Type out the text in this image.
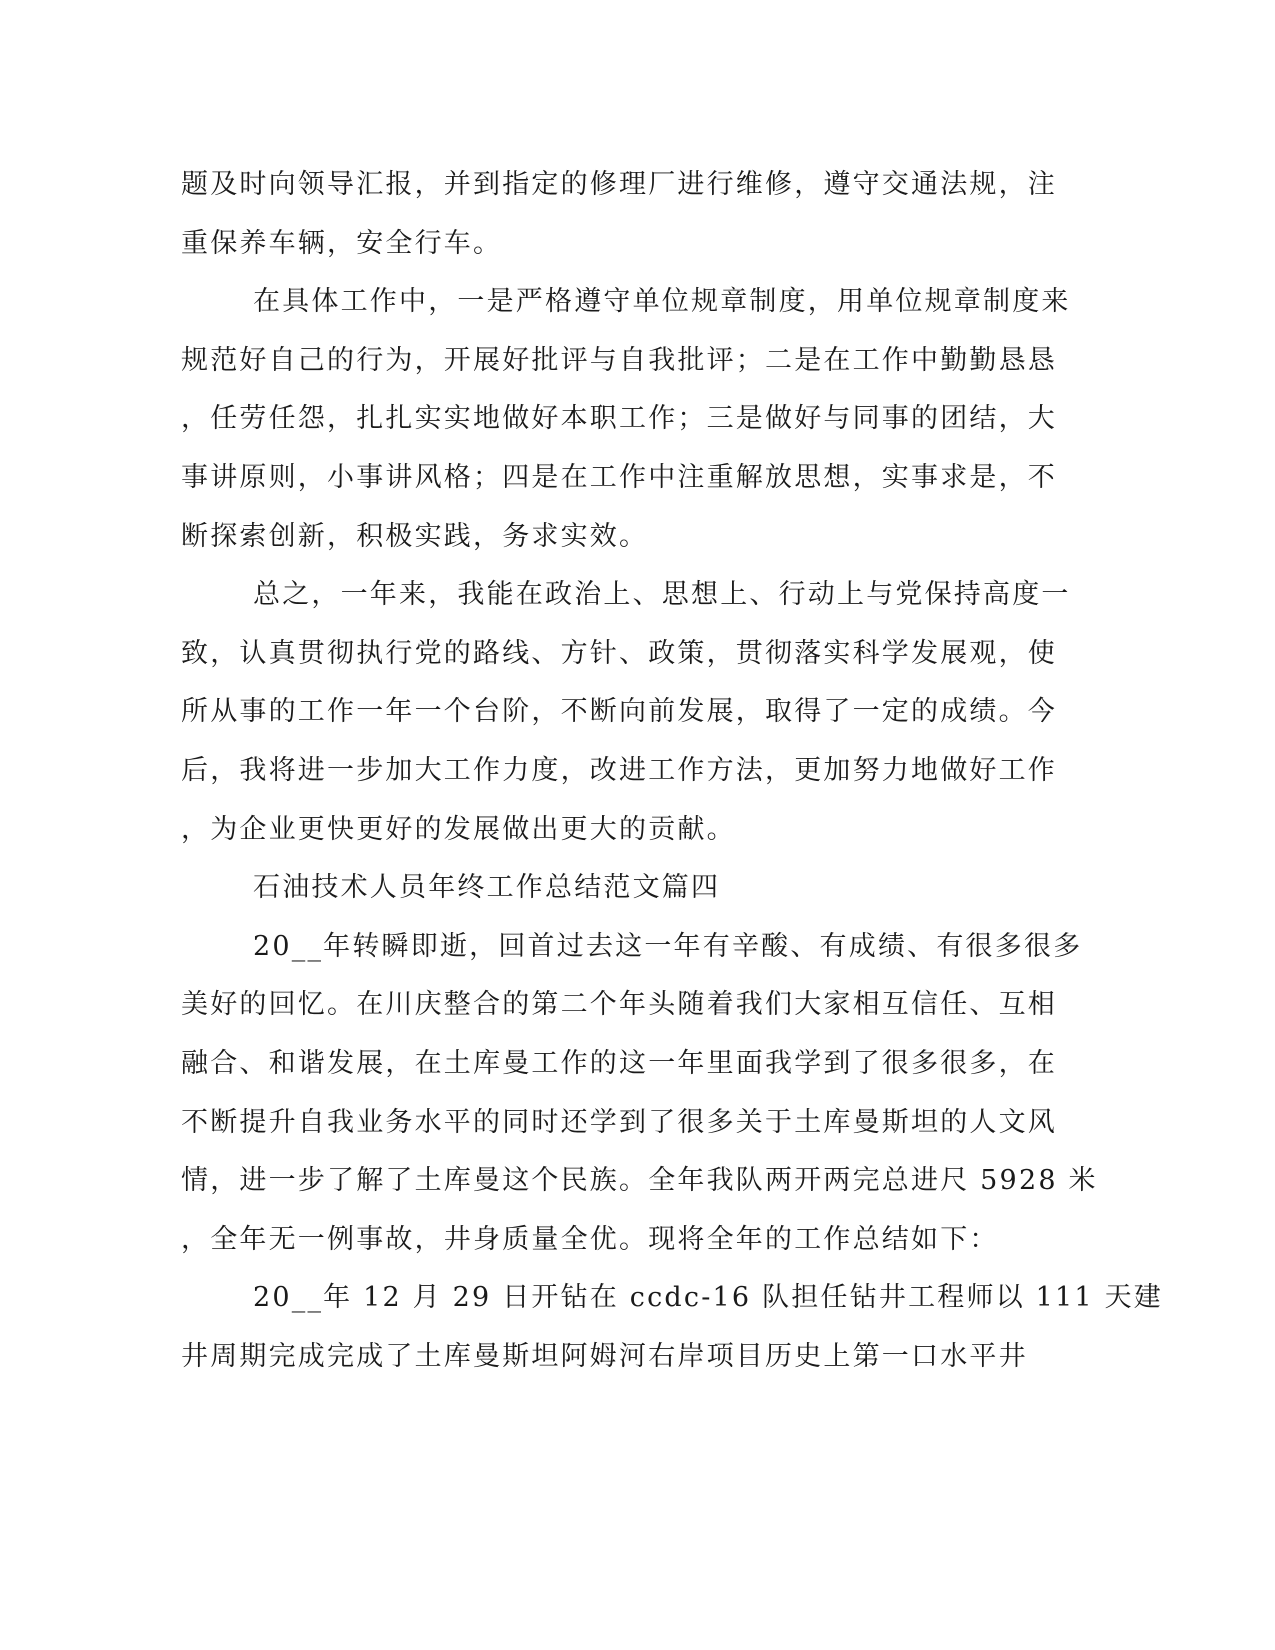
题及时向领导汇报，并到指定的修理厂进行维修，遵守交通法规，注
重保养车辆，安全行车。
在具体工作中，一是严格遵守单位规章制度，用单位规章制度来
规范好自己的行为，开展好批评与自我批评；二是在工作中勤勤恳恳
，任劳任怨，扎扎实实地做好本职工作；三是做好与同事的团结，大
事讲原则，小事讲风格；四是在工作中注重解放思想，实事求是，不
断探索创新，积极实践，务求实效。
总之，一年来，我能在政治上、思想上、行动上与党保持高度一
致，认真贯彻执行党的路线、方针、政策，贯彻落实科学发展观，使
所从事的工作一年一个台阶，不断向前发展，取得了一定的成绩。今
后，我将进一步加大工作力度，改进工作方法，更加努力地做好工作
，为企业更快更好的发展做出更大的贡献。
石油技术人员年终工作总结范文篇四
20__年转瞬即逝，回首过去这一年有辛酸、有成绩、有很多很多
美好的回忆。在川庆整合的第二个年头随着我们大家相互信任、互相
融合、和谐发展，在土库曼工作的这一年里面我学到了很多很多，在
不断提升自我业务水平的同时还学到了很多关于土库曼斯坦的人文风
情，进一步了解了土库曼这个民族。全年我队两开两完总进尺 5928 米
，全年无一例事故，井身质量全优。现将全年的工作总结如下：
20__年 12 月 29 日开钻在 ccdc-16 队担任钻井工程师以 111 天建
井周期完成完成了土库曼斯坦阿姆河右岸项目历史上第一口水平井
